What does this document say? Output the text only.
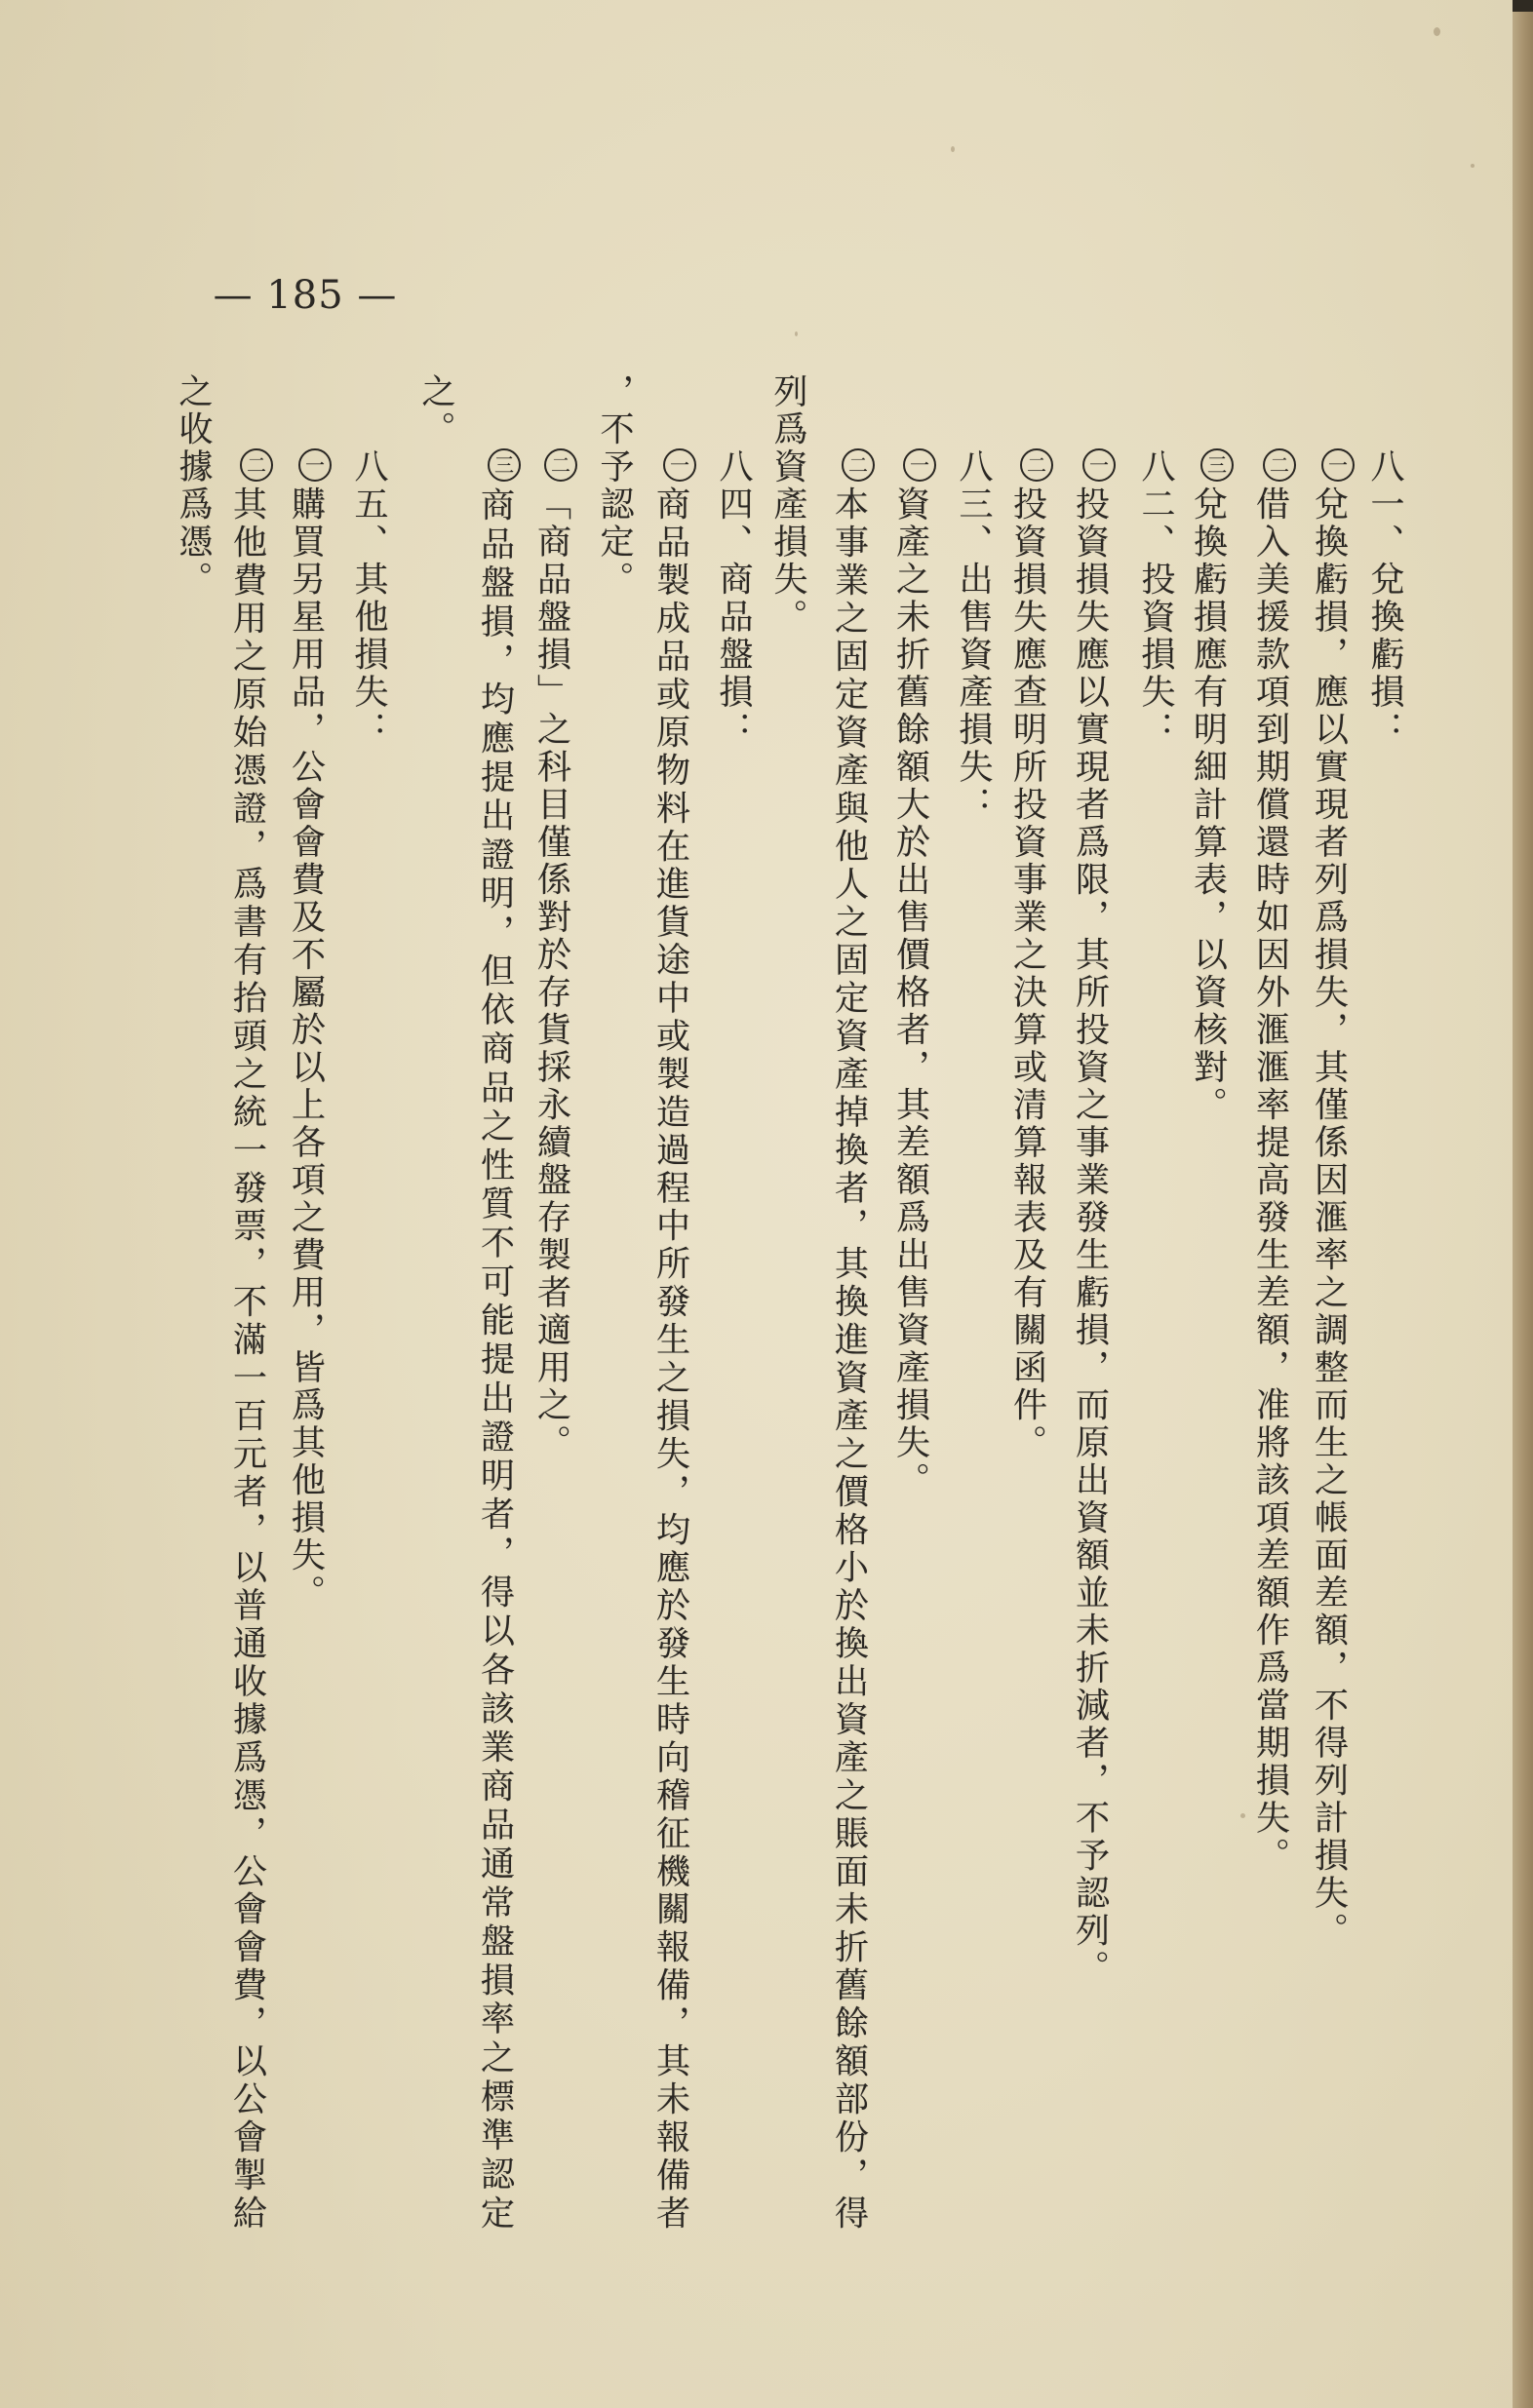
— 185 —
八一、兌換虧損：
一兌換虧損，應以實現者列爲損失，其僅係因滙率之調整而生之帳面差額，不得列計損失。
二借入美援款項到期償還時如因外滙滙率提高發生差額，准將該項差額作爲當期損失。
三兌換虧損應有明細計算表，以資核對。
八二、投資損失：
一投資損失應以實現者爲限，其所投資之事業發生虧損，而原出資額並未折減者，不予認列。
二投資損失應查明所投資事業之決算或清算報表及有關函件。
八三、出售資產損失：
一資產之未折舊餘額大於出售價格者，其差額爲出售資產損失。
二本事業之固定資產與他人之固定資產掉換者，其換進資產之價格小於換出資產之賬面未折舊餘額部份，得
列爲資產損失。
八四、商品盤損：
一商品製成品或原物料在進貨途中或製造過程中所發生之損失，均應於發生時向稽征機關報備，其未報備者
，不予認定。
二「商品盤損」之科目僅係對於存貨採永續盤存製者適用之。
三商品盤損，均應提出證明，但依商品之性質不可能提出證明者，得以各該業商品通常盤損率之標準認定
之。
八五、其他損失：
一購買另星用品，公會會費及不屬於以上各項之費用，皆爲其他損失。
二其他費用之原始憑證，爲書有抬頭之統一發票，不滿一百元者，以普通收據爲憑，公會會費，以公會掣給
之收據爲憑。
